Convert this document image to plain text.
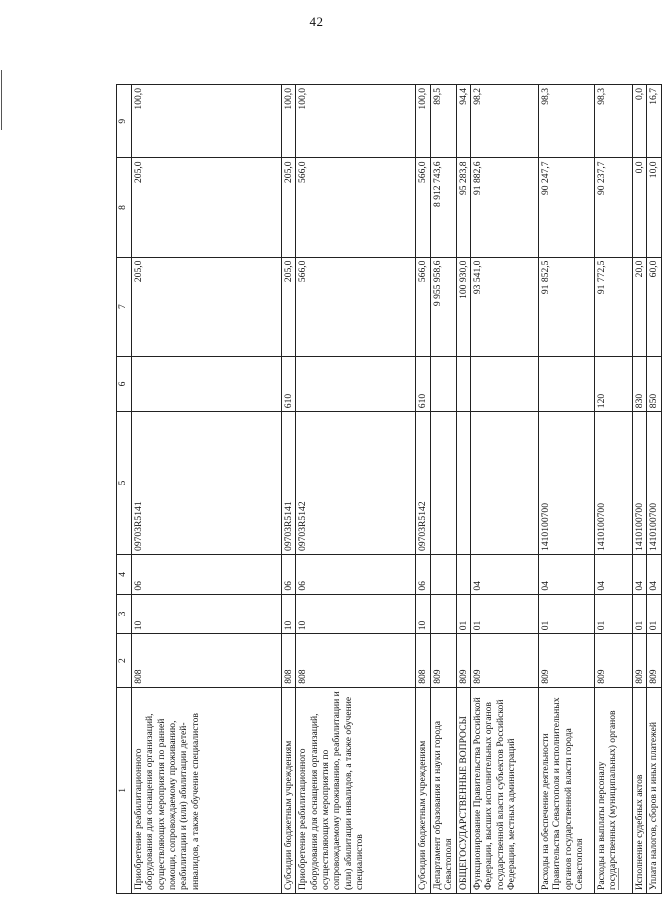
42
1	2	3	4	5	6	7	8	9
Приобретение реабилитационного оборудования для оснащения организаций, осуществляющих мероприятия по ранней помощи, сопровождаемому проживанию, реабилитации и (или) абилитации детей-инвалидов, а также обучение специалистов	808	10	06	09703R5141		205,0	205,0	100,0
Субсидии бюджетным учреждениям	808	10	06	09703R5141	610	205,0	205,0	100,0
Приобретение реабилитационного оборудования для оснащения организаций, осуществляющих мероприятия по сопровождаемому проживанию, реабилитации и (или) абилитации инвалидов, а также обучение специалистов	808	10	06	09703R5142		566,0	566,0	100,0
Субсидии бюджетным учреждениям	808	10	06	09703R5142	610	566,0	566,0	100,0
Департамент образования и науки города Севастополя	809					9 955 958,6	8 912 743,6	89,5
ОБЩЕГОСУДАРСТВЕННЫЕ ВОПРОСЫ	809	01				100 930,0	95 283,8	94,4
Функционирование Правительства Российской Федерации, высших исполнительных органов государственной власти субъектов Российской Федерации, местных администраций	809	01	04			93 541,0	91 882,6	98,2
Расходы на обеспечение деятельности Правительства Севастополя и исполнительных органов государственной власти города Севастополя	809	01	04	1410100700		91 852,5	90 247,7	98,3
Расходы на выплаты персоналу государственных (муниципальных) органов	809	01	04	1410100700	120	91 772,5	90 237,7	98,3
Исполнение судебных актов	809	01	04	1410100700	830	20,0	0,0	0,0
Уплата налогов, сборов и иных платежей	809	01	04	1410100700	850	60,0	10,0	16,7
